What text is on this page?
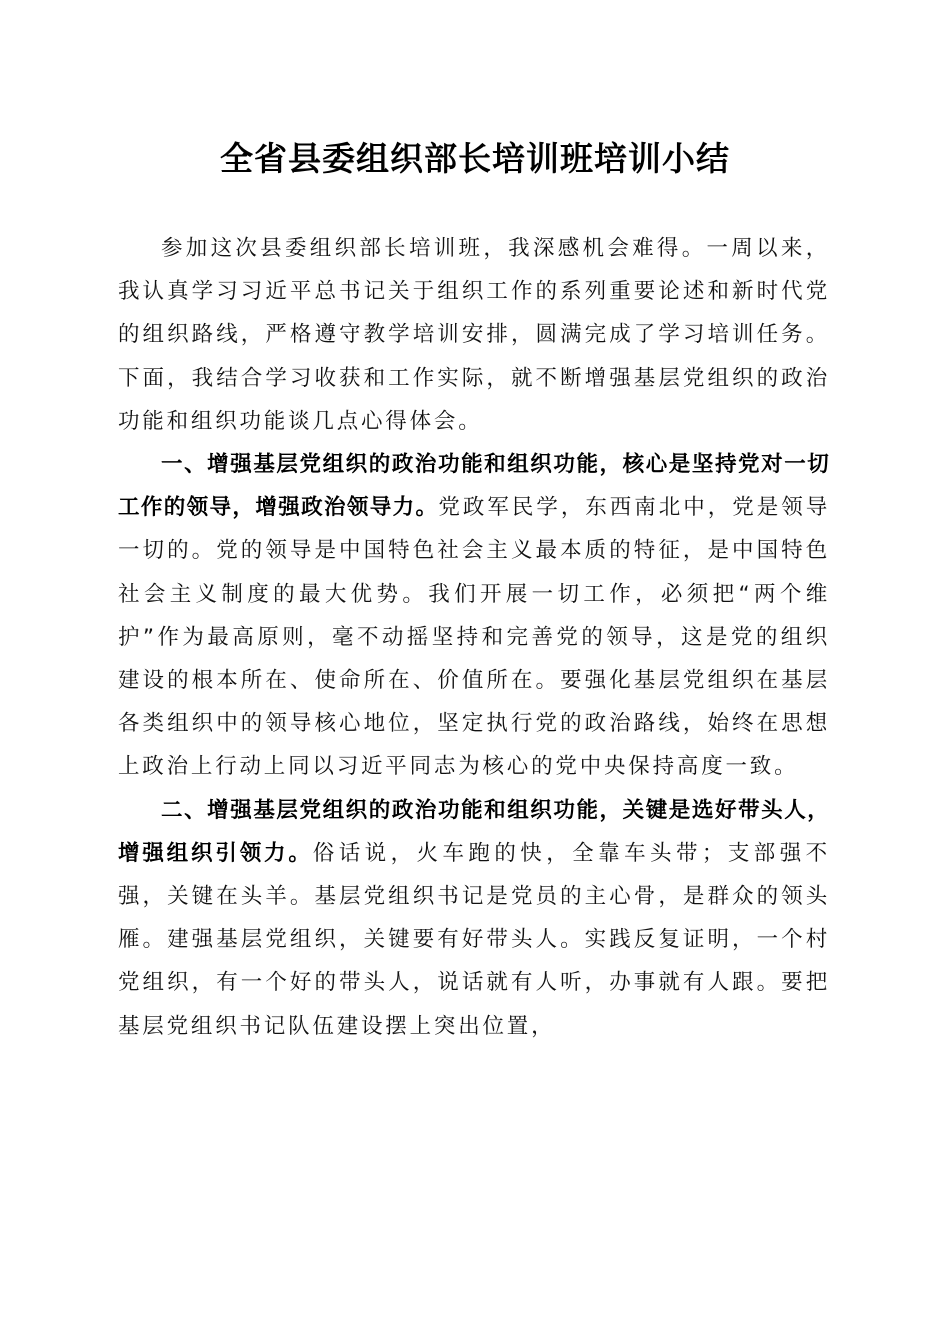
全省县委组织部长培训班培训小结

参加这次县委组织部长培训班，我深感机会难得。一周以来，我认真学习习近平总书记关于组织工作的系列重要论述和新时代党的组织路线，严格遵守教学培训安排，圆满完成了学习培训任务。下面，我结合学习收获和工作实际，就不断增强基层党组织的政治功能和组织功能谈几点心得体会。

一、增强基层党组织的政治功能和组织功能，核心是坚持党对一切工作的领导，增强政治领导力。党政军民学，东西南北中，党是领导一切的。党的领导是中国特色社会主义最本质的特征，是中国特色社会主义制度的最大优势。我们开展一切工作，必须把“两个维护”作为最高原则，毫不动摇坚持和完善党的领导，这是党的组织建设的根本所在、使命所在、价值所在。要强化基层党组织在基层各类组织中的领导核心地位，坚定执行党的政治路线，始终在思想上政治上行动上同以习近平同志为核心的党中央保持高度一致。

二、增强基层党组织的政治功能和组织功能，关键是选好带头人，增强组织引领力。俗话说，火车跑的快，全靠车头带；支部强不强，关键在头羊。基层党组织书记是党员的主心骨，是群众的领头雁。建强基层党组织，关键要有好带头人。实践反复证明，一个村党组织，有一个好的带头人，说话就有人听，办事就有人跟。要把基层党组织书记队伍建设摆上突出位置，
